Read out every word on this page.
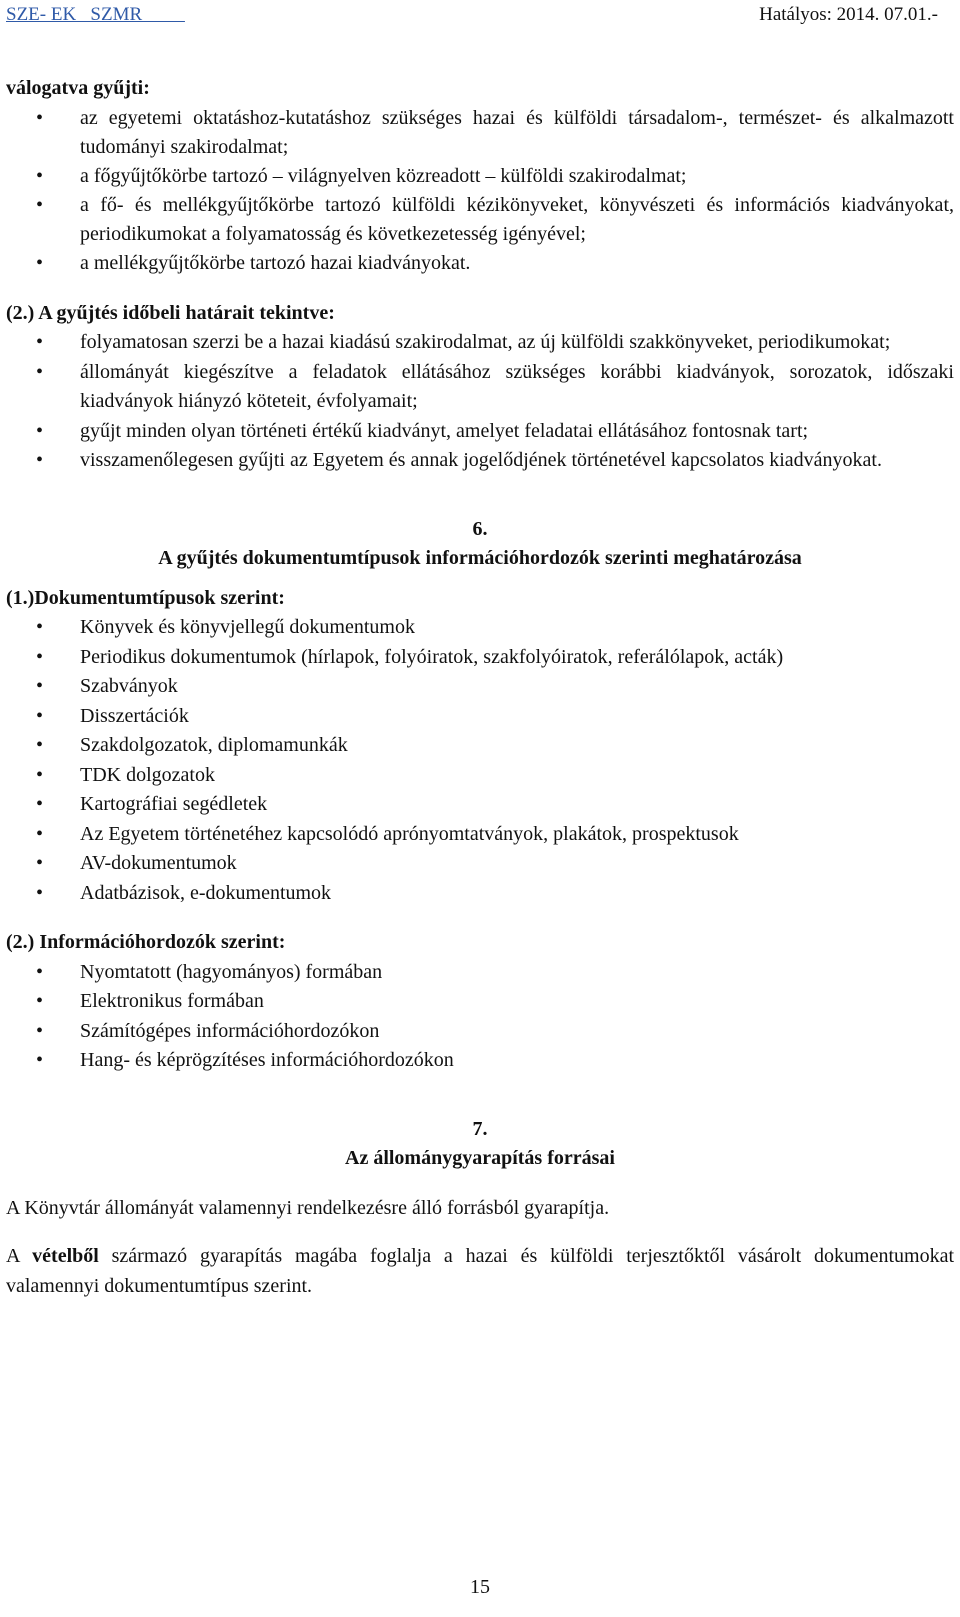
SZE- EK   SZMR	Hatályos: 2014. 07.01.-

válogatva gyűjti:

• az egyetemi oktatáshoz-kutatáshoz szükséges hazai és külföldi társadalom-, természet- és alkalmazott tudományi szakirodalmat;
• a főgyűjtőkörbe tartozó – világnyelven közreadott – külföldi szakirodalmat;
• a fő- és mellékgyűjtőkörbe tartozó külföldi kézikönyveket, könyvészeti és információs kiadványokat, periodikumokat a folyamatosság és következetesség igényével;
• a mellékgyűjtőkörbe tartozó hazai kiadványokat.

(2.) A gyűjtés időbeli határait tekintve:

• folyamatosan szerzi be a hazai kiadású szakirodalmat, az új külföldi szakkönyveket, periodikumokat;
• állományát kiegészítve a feladatok ellátásához szükséges korábbi kiadványok, sorozatok, időszaki kiadványok hiányzó köteteit, évfolyamait;
• gyűjt minden olyan történeti értékű kiadványt, amelyet feladatai ellátásához fontosnak tart;
• visszamenőlegesen gyűjti az Egyetem és annak jogelődjének történetével kapcsolatos kiadványokat.

6.

A gyűjtés dokumentumtípusok információhordozók szerinti meghatározása

(1.)Dokumentumtípusok szerint:

• Könyvek és könyvjellegű dokumentumok
• Periodikus dokumentumok (hírlapok, folyóiratok, szakfolyóiratok, referálólapok, acták)
• Szabványok
• Disszertációk
• Szakdolgozatok, diplomamunkák
• TDK dolgozatok
• Kartográfiai segédletek
• Az Egyetem történetéhez kapcsolódó aprónyomtatványok, plakátok, prospektusok
• AV-dokumentumok
• Adatbázisok, e-dokumentumok

(2.) Információhordozók szerint:

• Nyomtatott (hagyományos) formában
• Elektronikus formában
• Számítógépes információhordozókon
• Hang- és képrögzítéses információhordozókon

7.

Az állománygyarapítás forrásai

A Könyvtár állományát valamennyi rendelkezésre álló forrásból gyarapítja.

A vételből származó gyarapítás magába foglalja a hazai és külföldi terjesztőktől vásárolt dokumentumokat valamennyi dokumentumtípus szerint.

15
